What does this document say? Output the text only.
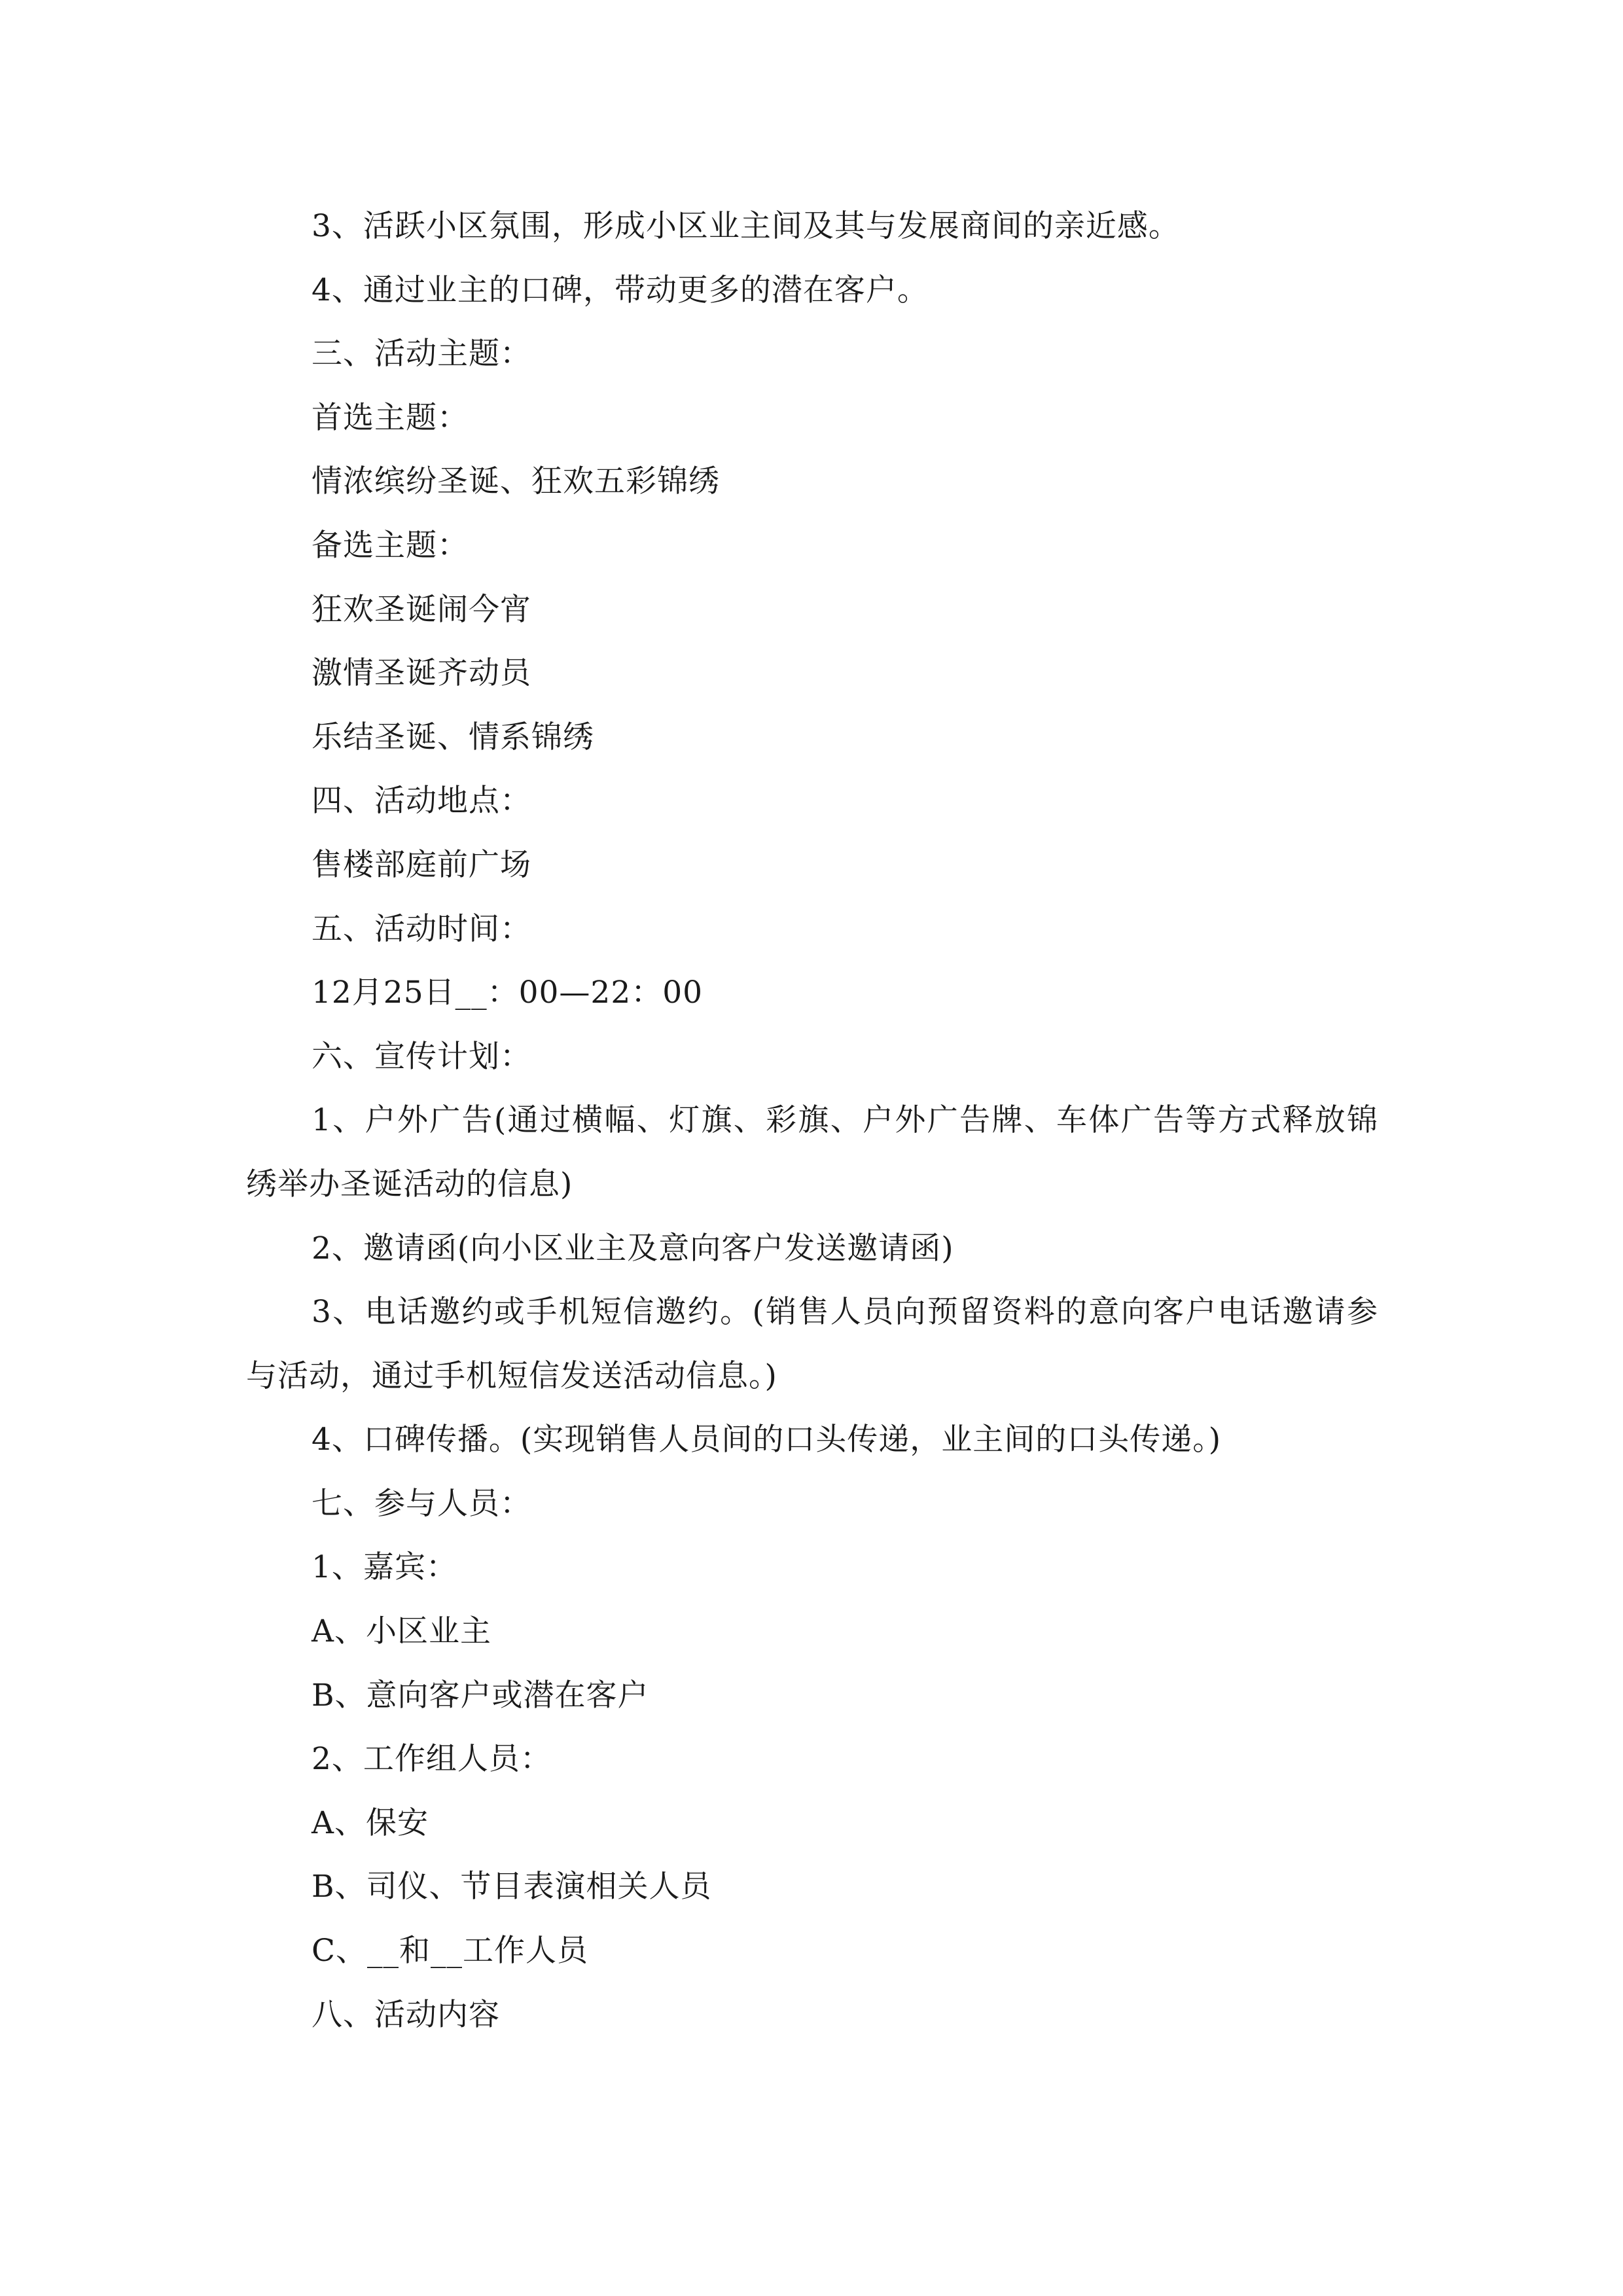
3、活跃小区氛围，形成小区业主间及其与发展商间的亲近感。
4、通过业主的口碑，带动更多的潜在客户。
三、活动主题：
首选主题：
情浓缤纷圣诞、狂欢五彩锦绣
备选主题：
狂欢圣诞闹今宵
激情圣诞齐动员
乐结圣诞、情系锦绣
四、活动地点：
售楼部庭前广场
五、活动时间：
12月25日__：00—22：00
六、宣传计划：
1、户外广告(通过横幅、灯旗、彩旗、户外广告牌、车体广告等方式释放锦绣举办圣诞活动的信息)
2、邀请函(向小区业主及意向客户发送邀请函)
3、电话邀约或手机短信邀约。(销售人员向预留资料的意向客户电话邀请参与活动，通过手机短信发送活动信息。)
4、口碑传播。(实现销售人员间的口头传递，业主间的口头传递。)
七、参与人员：
1、嘉宾：
A、小区业主
B、意向客户或潜在客户
2、工作组人员：
A、保安
B、司仪、节目表演相关人员
C、__和__工作人员
八、活动内容
